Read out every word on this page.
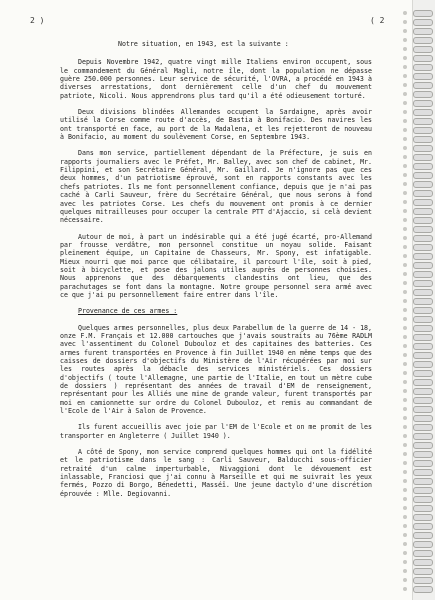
2 )	( 2

Notre situation, en 1943, est la suivante :

Depuis Novembre 1942, quatre vingt mille Italiens environ occupent, sous le commandement du Général Magli, notre île, dont la population ne dépasse guère 250.000 personnes. Leur service de sécurité, l'OVRA, a procédé en 1943 à diverses arrestations, dont dernièrement celle d'un chef du mouvement patriote, Nicoli. Nous apprendrons plus tard qu'il a été odieusement torturé.

Deux divisions blindées Allemandes occupent la Sardaigne, après avoir utilisé la Corse comme route d'accès, de Bastia à Bonifacio. Des navires les ont transporté en face, au port de la Madalena, et les rejetteront de nouveau à Bonifacio, au moment du soulèvement Corse, en Septembre 1943.

Dans mon service, partiellement dépendant de la Préfecture, je suis en rapports journaliers avec le Préfet, Mr. Balley, avec son chef de cabinet, Mr. Filippini, et son Secrétaire Général, Mr. Gaillard. Je n'ignore pas que ces deux hommes, d'un patriotisme éprouvé, sont en rapports constants avec les chefs patriotes. Ils me font personnellement confiance, depuis que je n'ai pas caché à Carli Sauveur, frère du Secrétaire Général, que nous serons à fond avec les patriotes Corse. Les chefs du mouvement ont promis à ce dernier quelques mitrailleuses pour occuper la centrale PTT d'Ajaccio, si celà devient nécessaire.

Autour de moi, à part un indésirable qui a été jugé écarté, pro-Allemand par frousse verdâtre, mon personnel constitue un noyau solide. Faisant pleinement équipe, un Capitaine de Chasseurs, Mr. Spony, est infatigable. Mieux nourri que moi parce que célibataire, il parcourt l'île, soit à pied, soit à bicyclette, et pose des jalons utiles auprès de personnes choisies. Nous apprenons que des débarquements clandestins ont lieu, que des parachutages se font dans la montagne. Notre groupe personnel sera armé avec ce que j'ai pu personnellement faire entrer dans l'île.

Provenance de ces armes :

Quelques armes personnelles, plus deux Parabellum de la guerre de 14 - 18, onze F.M. Français et 12.000 cartouches que j'avais soustraits au 76ème RADLM avec l'assentiment du Colonel Dubouloz et des capitaines des batteries. Ces armes furent transportées en Provence à fin Juillet 1940 en même temps que des caisses de dossiers d'objectifs du Ministère de l'Air récupérées par moi sur les routes après la débacle des services ministériels. Ces dossiers d'objectifs ( toute l'Allemagne, une partie de l'Italie, en tout un mètre cube de dossiers ) représentant des années de travail d'EM de renseignement, représentant pour les Alliés une mine de grande valeur, furent transportés par moi en camionnette sur ordre du Colonel Dubouloz, et remis au commandant de l'Ecole de l'Air à Salon de Provence.

Ils furent accueillis avec joie par l'EM de l'Ecole et on me promit de les transporter en Angleterre ( Juillet 1940 ).

A côté de Spony, mon service comprend quelques hommes qui ont la fidélité et le patriotisme dans le sang : Carli Sauveur, Balducchi sous-officier retraité d'un calme imperturbable, Nivaggioni dont le dévouement est inlassable, Franciosi que j'ai connu à Marseille et qui me suivrait les yeux fermés, Pozzo di Borgo, Bénedetti, Masséï. Une jeune dactylo d'une discrétion éprouvée : Mlle. Degiovanni.
